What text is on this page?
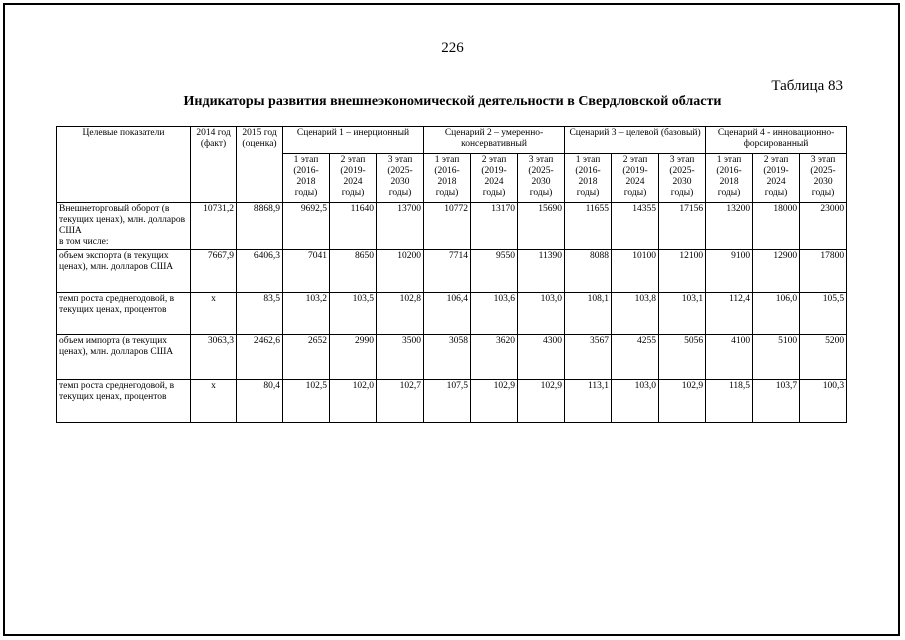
226
Таблица 83
Индикаторы развития внешнеэкономической деятельности в Свердловской области
Целевые показатели	2014 год (факт)	2015 год (оценка)	Сценарий 1 – инерционный			Сценарий 2 – умеренно-консервативный			Сценарий 3 – целевой (базовый)			Сценарий 4 - инновационно-форсированный		
			1 этап (2016-2018 годы)	2 этап (2019-2024 годы)	3 этап (2025-2030 годы)	1 этап (2016-2018 годы)	2 этап (2019-2024 годы)	3 этап (2025-2030 годы)	1 этап (2016-2018 годы)	2 этап (2019-2024 годы)	3 этап (2025-2030 годы)	1 этап (2016-2018 годы)	2 этап (2019-2024 годы)	3 этап (2025-2030 годы)

Внешнеторговый оборот (в текущих ценах), млн. долларов США
в том числе:	10731,2	8868,9	9692,5	11640	13700	10772	13170	15690	11655	14355	17156	13200	18000	23000
объем экспорта (в текущих ценах), млн. долларов США	7667,9	6406,3	7041	8650	10200	7714	9550	11390	8088	10100	12100	9100	12900	17800
темп роста среднегодовой, в текущих ценах, процентов	х	83,5	103,2	103,5	102,8	106,4	103,6	103,0	108,1	103,8	103,1	112,4	106,0	105,5
объем импорта (в текущих ценах), млн. долларов США	3063,3	2462,6	2652	2990	3500	3058	3620	4300	3567	4255	5056	4100	5100	5200
темп роста среднегодовой, в текущих ценах, процентов	х	80,4	102,5	102,0	102,7	107,5	102,9	102,9	113,1	103,0	102,9	118,5	103,7	100,3
